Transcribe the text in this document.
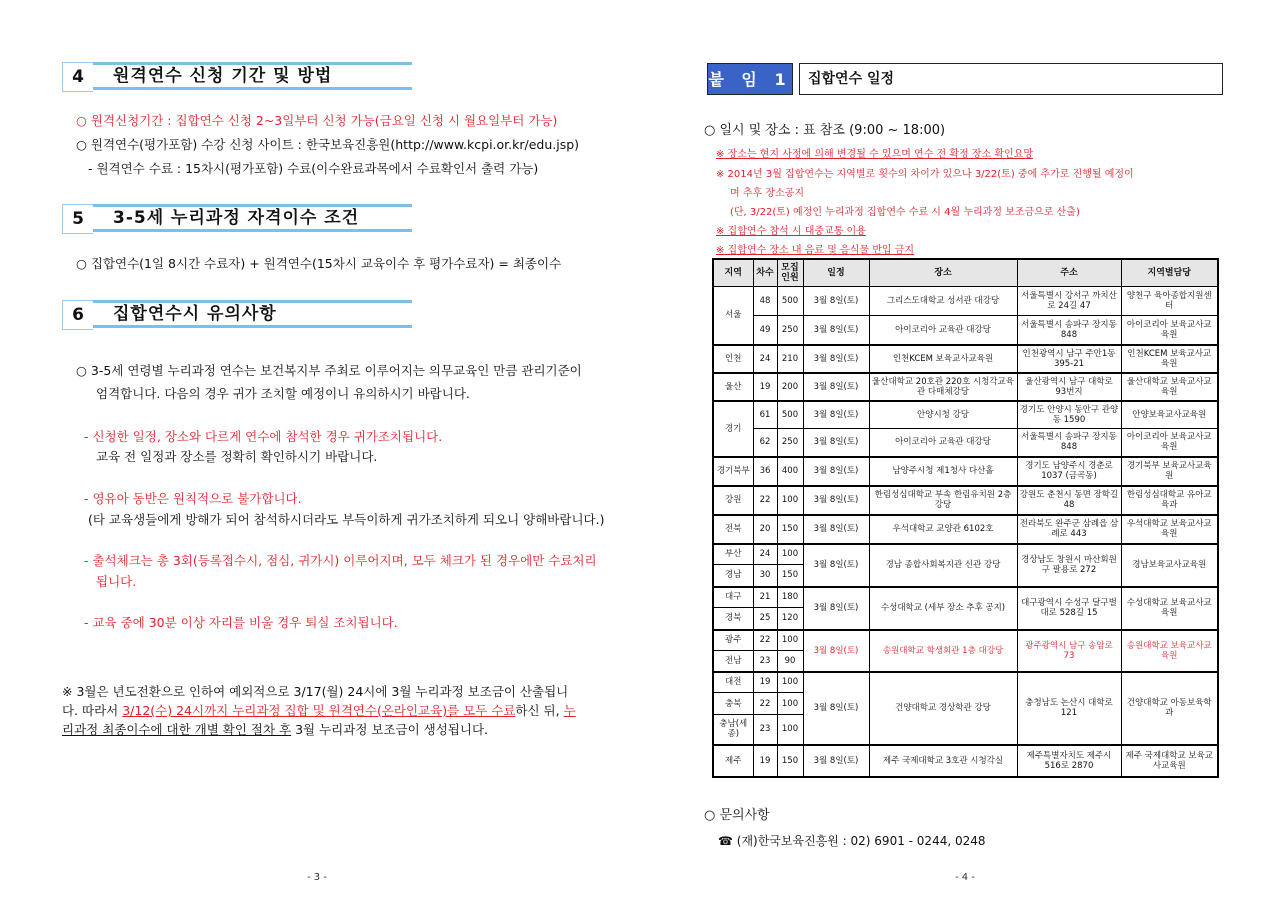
4	원격연수 신청 기간 및 방법
○ 원격신청기간 : 집합연수 신청 2~3일부터 신청 가능(금요일 신청 시 월요일부터 가능)
○ 원격연수(평가포함) 수강 신청 사이트 : 한국보육진흥원(http://www.kcpi.or.kr/edu.jsp)
- 원격연수 수료 : 15차시(평가포함) 수료(이수완료과목에서 수료확인서 출력 가능)
5	3-5세 누리과정 자격이수 조건
○ 집합연수(1일 8시간 수료자) + 원격연수(15차시 교육이수 후 평가수료자) = 최종이수
6	집합연수시 유의사항
○ 3-5세 연령별 누리과정 연수는 보건복지부 주최로 이루어지는 의무교육인 만큼 관리기준이
엄격합니다. 다음의 경우 귀가 조치할 예정이니 유의하시기 바랍니다.
- 신청한 일정, 장소와 다르게 연수에 참석한 경우 귀가조치됩니다.
교육 전 일정과 장소를 정확히 확인하시기 바랍니다.
- 영유아 동반은 원칙적으로 불가합니다.
(타 교육생들에게 방해가 되어 참석하시더라도 부득이하게 귀가조치하게 되오니 양해바랍니다.)
- 출석체크는 총 3회(등록접수시, 점심, 귀가시) 이루어지며, 모두 체크가 된 경우에만 수료처리
됩니다.
- 교육 중에 30분 이상 자리를 비울 경우 퇴실 조치됩니다.
※ 3월은 년도전환으로 인하여 예외적으로 3/17(월) 24시에 3월 누리과정 보조금이 산출됩니
다. 따라서 3/12(수) 24시까지 누리과정 집합 및 원격연수(온라인교육)를 모두 수료하신 뒤, 누
리과정 최종이수에 대한 개별 확인 절차 후 3월 누리과정 보조금이 생성됩니다.
- 3 -
붙 임 1	집합연수 일정
○ 일시 및 장소 : 표 참조 (9:00 ~ 18:00)
※ 장소는 현지 사정에 의해 변경될 수 있으며 연수 전 확정 장소 확인요망
※ 2014년 3월 집합연수는 지역별로 횟수의 차이가 있으나 3/22(토) 중에 추가로 진행될 예정이
며 추후 장소공지
(단, 3/22(토) 예정인 누리과정 집합연수 수료 시 4월 누리과정 보조금으로 산출)
※ 집합연수 참석 시 대중교통 이용
※ 집합연수 장소 내 음료 및 음식물 반입 금지
지역	차수	모집인원	일정	장소	주소	지역별담당
서울	48	500	3월 8일(토)	그리스도대학교 성서관 대강당	서울특별시 강서구 까치산로 24길 47	양천구 육아종합지원센터
	49	250	3월 8일(토)	아이코리아 교육관 대강당	서울특별시 송파구 장지동 848	아이코리아 보육교사교육원
인천	24	210	3월 8일(토)	인천KCEM 보육교사교육원	인천광역시 남구 주안1동 395-21	인천KCEM 보육교사교육원
울산	19	200	3월 8일(토)	울산대학교 20호관 220호 시청각교육관 다매체강당	울산광역시 남구 대학로 93번지	울산대학교 보육교사교육원
경기	61	500	3월 8일(토)	안양시청 강당	경기도 안양시 동안구 관양동 1590	안양보육교사교육원
	62	250	3월 8일(토)	아이코리아 교육관 대강당	서울특별시 송파구 장지동 848	아이코리아 보육교사교육원
경기북부	36	400	3월 8일(토)	남양주시청 제1청사 다산홀	경기도 남양주시 경춘로 1037 (금곡동)	경기북부 보육교사교육원
강원	22	100	3월 8일(토)	한림성심대학교 부속 한림유치원 2층 강당	강원도 춘천시 동면 장학길 48	한림성심대학교 유아교육과
전북	20	150	3월 8일(토)	우석대학교 교양관 6102호	전라북도 완주군 삼례읍 삼례로 443	우석대학교 보육교사교육원
부산	24	100	3월 8일(토)	경남 종합사회복지관 신관 강당	경상남도 창원시 마산회원구 팔용로 272	경남보육교사교육원
경남	30	150				
대구	21	180	3월 8일(토)	수성대학교 (세부 장소 추후 공지)	대구광역시 수성구 달구벌대로 528길 15	수성대학교 보육교사교육원
경북	25	120				
광주	22	100	3월 8일(토)	송원대학교 학생회관 1층 대강당	광주광역시 남구 송암로 73	송원대학교 보육교사교육원
전남	23	90				
대전	19	100	3월 8일(토)	건양대학교 경상학관 강당	충청남도 논산시 대학로 121	건양대학교 아동보육학과
충북	22	100				
충남(세종)	23	100				
제주	19	150	3월 8일(토)	제주 국제대학교 3호관 시청각실	제주특별자치도 제주시 516로 2870	제주 국제대학교 보육교사교육원
○ 문의사항
☎ (재)한국보육진흥원 : 02) 6901 - 0244, 0248
- 4 -
